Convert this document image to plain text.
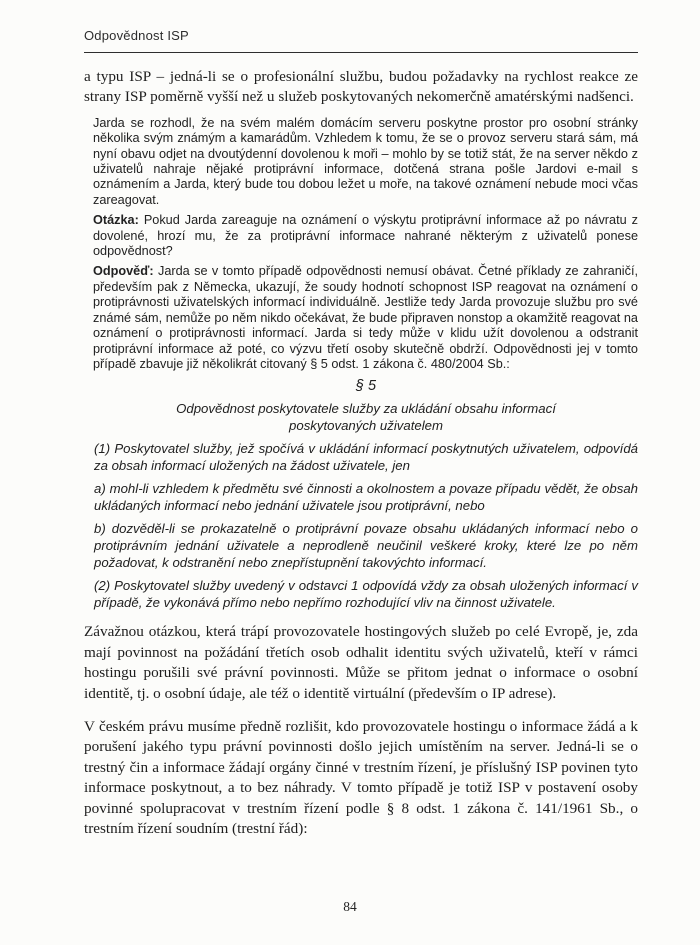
Odpovědnost ISP

a typu ISP – jedná-li se o profesionální službu, budou požadavky na rychlost reakce ze strany ISP poměrně vyšší než u služeb poskytovaných nekomerčně amatérskými nadšenci.

Jarda se rozhodl, že na svém malém domácím serveru poskytne prostor pro osobní stránky několika svým známým a kamarádům. Vzhledem k tomu, že se o provoz serveru stará sám, má nyní obavu odjet na dvoutýdenní dovolenou k moři – mohlo by se totiž stát, že na server někdo z uživatelů nahraje nějaké protiprávní informace, dotčená strana pošle Jardovi e-mail s oznámením a Jarda, který bude tou dobou ležet u moře, na takové oznámení nebude moci včas zareagovat.

Otázka: Pokud Jarda zareaguje na oznámení o výskytu protiprávní informace až po návratu z dovolené, hrozí mu, že za protiprávní informace nahrané některým z uživatelů ponese odpovědnost?

Odpověď: Jarda se v tomto případě odpovědnosti nemusí obávat. Četné příklady ze zahraničí, především pak z Německa, ukazují, že soudy hodnotí schopnost ISP reagovat na oznámení o protiprávnosti uživatelských informací individuálně. Jestliže tedy Jarda provozuje službu pro své známé sám, nemůže po něm nikdo očekávat, že bude připraven nonstop a okamžitě reagovat na oznámení o protiprávnosti informací. Jarda si tedy může v klidu užít dovolenou a odstranit protiprávní informace až poté, co výzvu třetí osoby skutečně obdrží. Odpovědnosti jej v tomto případě zbavuje již několikrát citovaný § 5 odst. 1 zákona č. 480/2004 Sb.:

§ 5
Odpovědnost poskytovatele služby za ukládání obsahu informací poskytovaných uživatelem

(1) Poskytovatel služby, jež spočívá v ukládání informací poskytnutých uživatelem, odpovídá za obsah informací uložených na žádost uživatele, jen

a) mohl-li vzhledem k předmětu své činnosti a okolnostem a povaze případu vědět, že obsah ukládaných informací nebo jednání uživatele jsou protiprávní, nebo

b) dozvěděl-li se prokazatelně o protiprávní povaze obsahu ukládaných informací nebo o protiprávním jednání uživatele a neprodleně neučinil veškeré kroky, které lze po něm požadovat, k odstranění nebo znepřístupnění takovýchto informací.

(2) Poskytovatel služby uvedený v odstavci 1 odpovídá vždy za obsah uložených informací v případě, že vykonává přímo nebo nepřímo rozhodující vliv na činnost uživatele.

Závažnou otázkou, která trápí provozovatele hostingových služeb po celé Evropě, je, zda mají povinnost na požádání třetích osob odhalit identitu svých uživatelů, kteří v rámci hostingu porušili své právní povinnosti. Může se přitom jednat o informace o osobní identitě, tj. o osobní údaje, ale též o identitě virtuální (především o IP adrese).

V českém právu musíme předně rozlišit, kdo provozovatele hostingu o informace žádá a k porušení jakého typu právní povinnosti došlo jejich umístěním na server. Jedná-li se o trestný čin a informace žádají orgány činné v trestním řízení, je příslušný ISP povinen tyto informace poskytnout, a to bez náhrady. V tomto případě je totiž ISP v postavení osoby povinné spolupracovat v trestním řízení podle § 8 odst. 1 zákona č. 141/1961 Sb., o trestním řízení soudním (trestní řád):

84
